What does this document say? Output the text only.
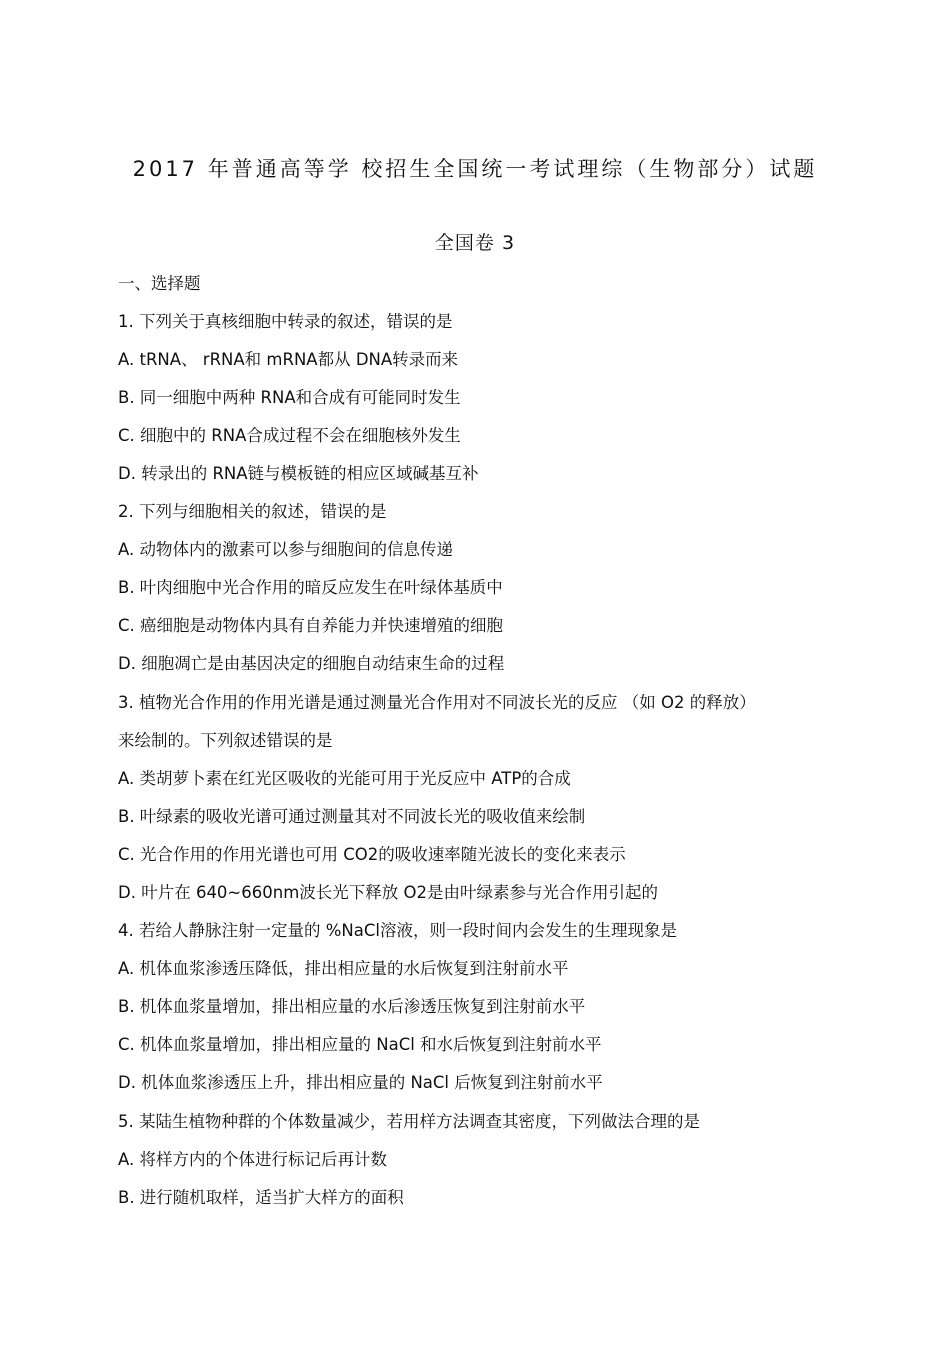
2017 年普通高等学 校招生全国统一考试理综（生物部分）试题
全国卷 3
一、选择题
1. 下列关于真核细胞中转录的叙述，错误的是
A. tRNA、 rRNA和 mRNA都从 DNA转录而来
B. 同一细胞中两种 RNA和合成有可能同时发生
C. 细胞中的 RNA合成过程不会在细胞核外发生
D. 转录出的 RNA链与模板链的相应区域碱基互补
2. 下列与细胞相关的叙述，错误的是
A. 动物体内的激素可以参与细胞间的信息传递
B. 叶肉细胞中光合作用的暗反应发生在叶绿体基质中
C. 癌细胞是动物体内具有自养能力并快速增殖的细胞
D. 细胞凋亡是由基因决定的细胞自动结束生命的过程
3. 植物光合作用的作用光谱是通过测量光合作用对不同波长光的反应 （如 O2 的释放）
来绘制的。下列叙述错误的是
A. 类胡萝卜素在红光区吸收的光能可用于光反应中 ATP的合成
B. 叶绿素的吸收光谱可通过测量其对不同波长光的吸收值来绘制
C. 光合作用的作用光谱也可用 CO2的吸收速率随光波长的变化来表示
D. 叶片在 640~660nm波长光下释放 O2是由叶绿素参与光合作用引起的
4. 若给人静脉注射一定量的 %NaCl溶液，则一段时间内会发生的生理现象是
A. 机体血浆渗透压降低，排出相应量的水后恢复到注射前水平
B. 机体血浆量增加，排出相应量的水后渗透压恢复到注射前水平
C. 机体血浆量增加，排出相应量的 NaCl 和水后恢复到注射前水平
D. 机体血浆渗透压上升，排出相应量的 NaCl 后恢复到注射前水平
5. 某陆生植物种群的个体数量减少，若用样方法调查其密度，下列做法合理的是
A. 将样方内的个体进行标记后再计数
B. 进行随机取样，适当扩大样方的面积
